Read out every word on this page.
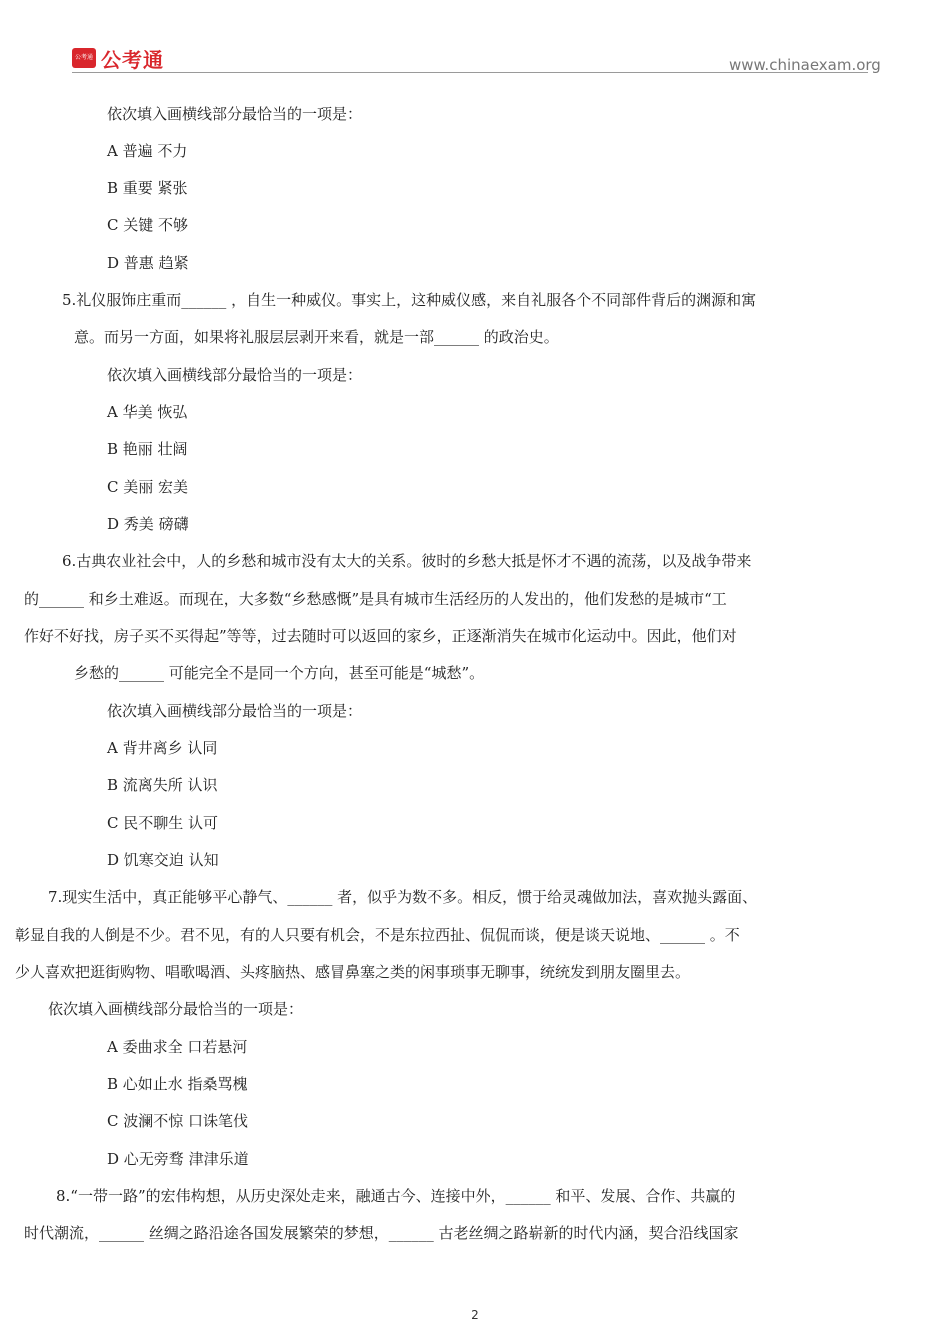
公考通 公考通	www.chinaexam.org
依次填入画横线部分最恰当的一项是：
A 普遍 不力
B 重要 紧张
C 关键 不够
D 普惠 趋紧
5.礼仪服饰庄重而______ ，自生一种威仪。事实上，这种威仪感，来自礼服各个不同部件背后的渊源和寓
意。而另一方面，如果将礼服层层剥开来看，就是一部______ 的政治史。
依次填入画横线部分最恰当的一项是：
A 华美 恢弘
B 艳丽 壮阔
C 美丽 宏美
D 秀美 磅礴
6.古典农业社会中，人的乡愁和城市没有太大的关系。彼时的乡愁大抵是怀才不遇的流荡，以及战争带来
的______ 和乡土难返。而现在，大多数“乡愁感慨”是具有城市生活经历的人发出的，他们发愁的是城市“工
作好不好找，房子买不买得起”等等，过去随时可以返回的家乡，正逐渐消失在城市化运动中。因此，他们对
乡愁的______ 可能完全不是同一个方向，甚至可能是“城愁”。
依次填入画横线部分最恰当的一项是：
A 背井离乡 认同
B 流离失所 认识
C 民不聊生 认可
D 饥寒交迫 认知
7.现实生活中，真正能够平心静气、______ 者，似乎为数不多。相反，惯于给灵魂做加法，喜欢抛头露面、
彰显自我的人倒是不少。君不见，有的人只要有机会，不是东拉西扯、侃侃而谈，便是谈天说地、______ 。不
少人喜欢把逛街购物、唱歌喝酒、头疼脑热、感冒鼻塞之类的闲事琐事无聊事，统统发到朋友圈里去。
依次填入画横线部分最恰当的一项是：
A 委曲求全 口若悬河
B 心如止水 指桑骂槐
C 波澜不惊 口诛笔伐
D 心无旁骛 津津乐道
8.“一带一路”的宏伟构想，从历史深处走来，融通古今、连接中外，______ 和平、发展、合作、共赢的
时代潮流，______ 丝绸之路沿途各国发展繁荣的梦想，______ 古老丝绸之路崭新的时代内涵，契合沿线国家
2
